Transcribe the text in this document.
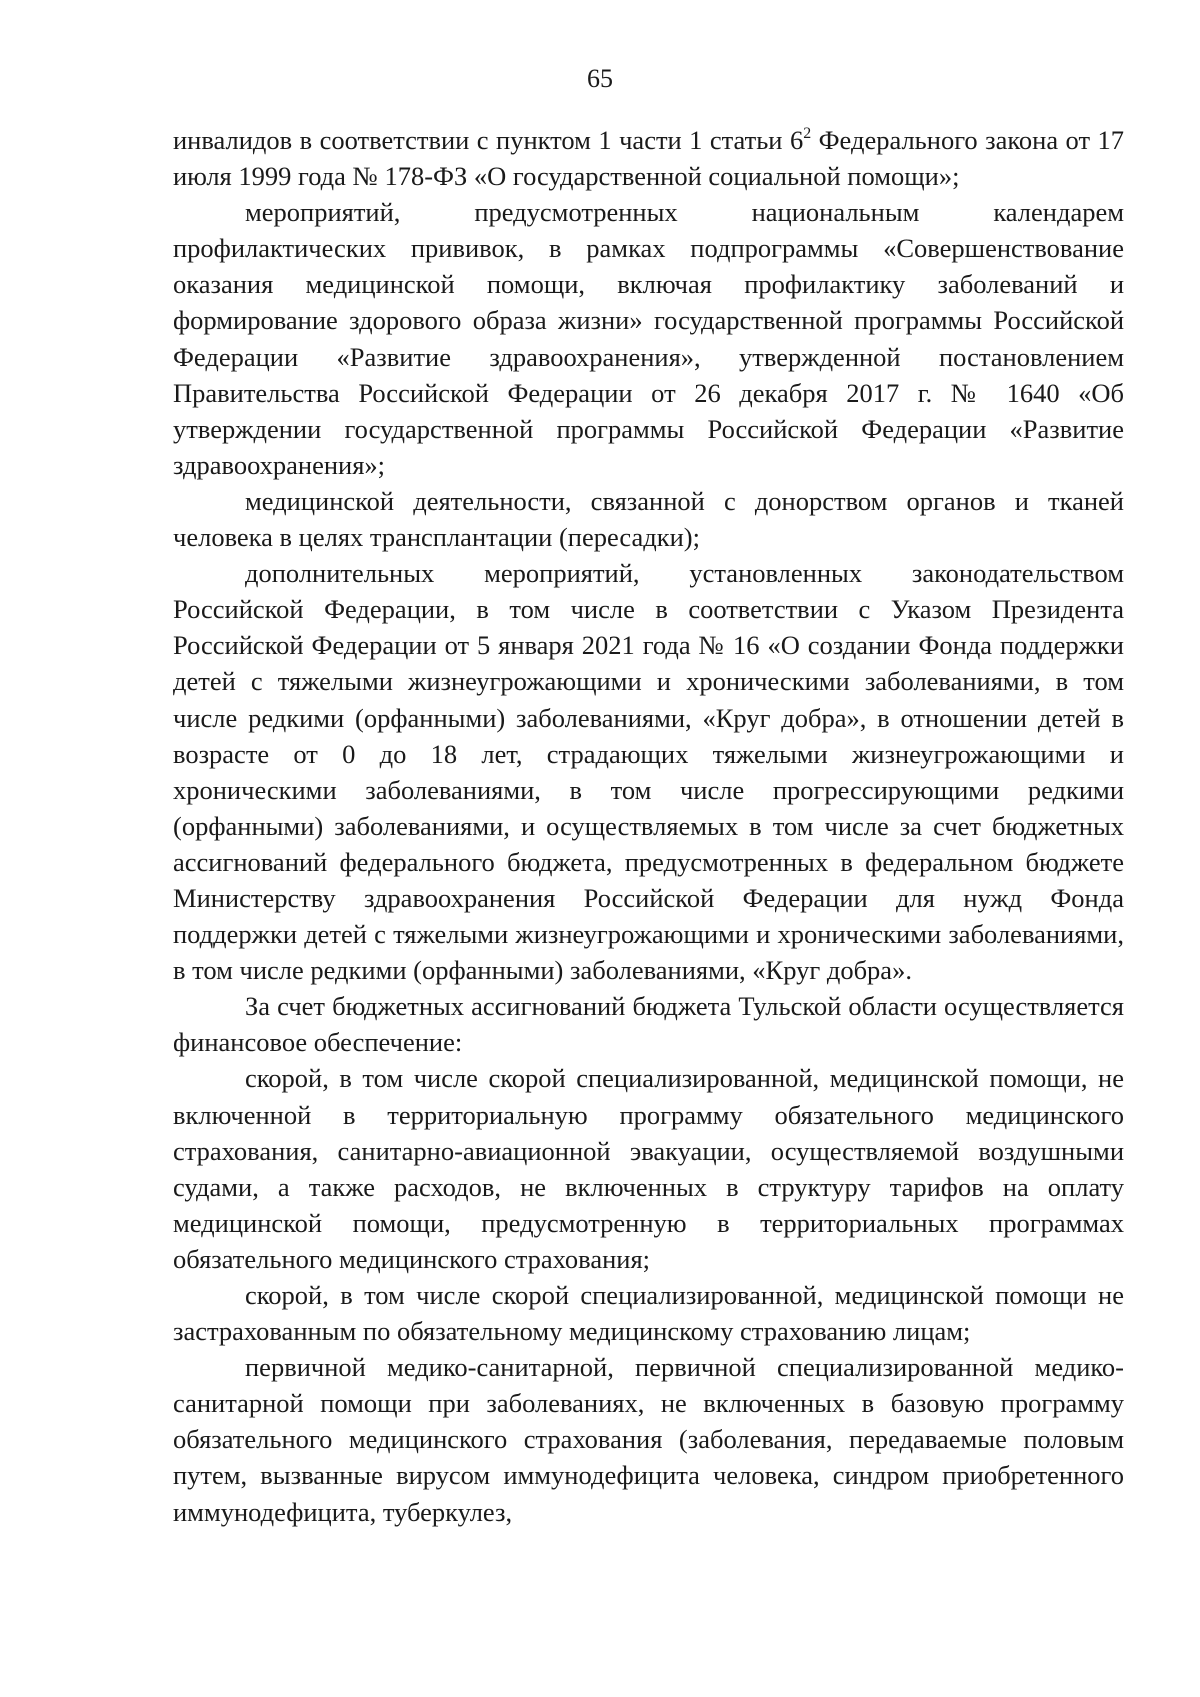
65

инвалидов в соответствии с пунктом 1 части 1 статьи $6^2$ Федерального закона от 17 июля 1999 года № 178-ФЗ «О государственной социальной помощи»;

мероприятий, предусмотренных национальным календарем профилактических прививок, в рамках подпрограммы «Совершенствование оказания медицинской помощи, включая профилактику заболеваний и формирование здорового образа жизни» государственной программы Российской Федерации «Развитие здравоохранения», утвержденной постановлением Правительства Российской Федерации от 26 декабря 2017 г. № 1640 «Об утверждении государственной программы Российской Федерации «Развитие здравоохранения»;

медицинской деятельности, связанной с донорством органов и тканей человека в целях трансплантации (пересадки);

дополнительных мероприятий, установленных законодательством Российской Федерации, в том числе в соответствии с Указом Президента Российской Федерации от 5 января 2021 года № 16 «О создании Фонда поддержки детей с тяжелыми жизнеугрожающими и хроническими заболеваниями, в том числе редкими (орфанными) заболеваниями, «Круг добра», в отношении детей в возрасте от 0 до 18 лет, страдающих тяжелыми жизнеугрожающими и хроническими заболеваниями, в том числе прогрессирующими редкими (орфанными) заболеваниями, и осуществляемых в том числе за счет бюджетных ассигнований федерального бюджета, предусмотренных в федеральном бюджете Министерству здравоохранения Российской Федерации для нужд Фонда поддержки детей с тяжелыми жизнеугрожающими и хроническими заболеваниями, в том числе редкими (орфанными) заболеваниями, «Круг добра».

За счет бюджетных ассигнований бюджета Тульской области осуществляется финансовое обеспечение:

скорой, в том числе скорой специализированной, медицинской помощи, не включенной в территориальную программу обязательного медицинского страхования, санитарно-авиационной эвакуации, осуществляемой воздушными судами, а также расходов, не включенных в структуру тарифов на оплату медицинской помощи, предусмотренную в территориальных программах обязательного медицинского страхования;

скорой, в том числе скорой специализированной, медицинской помощи не застрахованным по обязательному медицинскому страхованию лицам;

первичной медико-санитарной, первичной специализированной медико-санитарной помощи при заболеваниях, не включенных в базовую программу обязательного медицинского страхования (заболевания, передаваемые половым путем, вызванные вирусом иммунодефицита человека, синдром приобретенного иммунодефицита, туберкулез,
